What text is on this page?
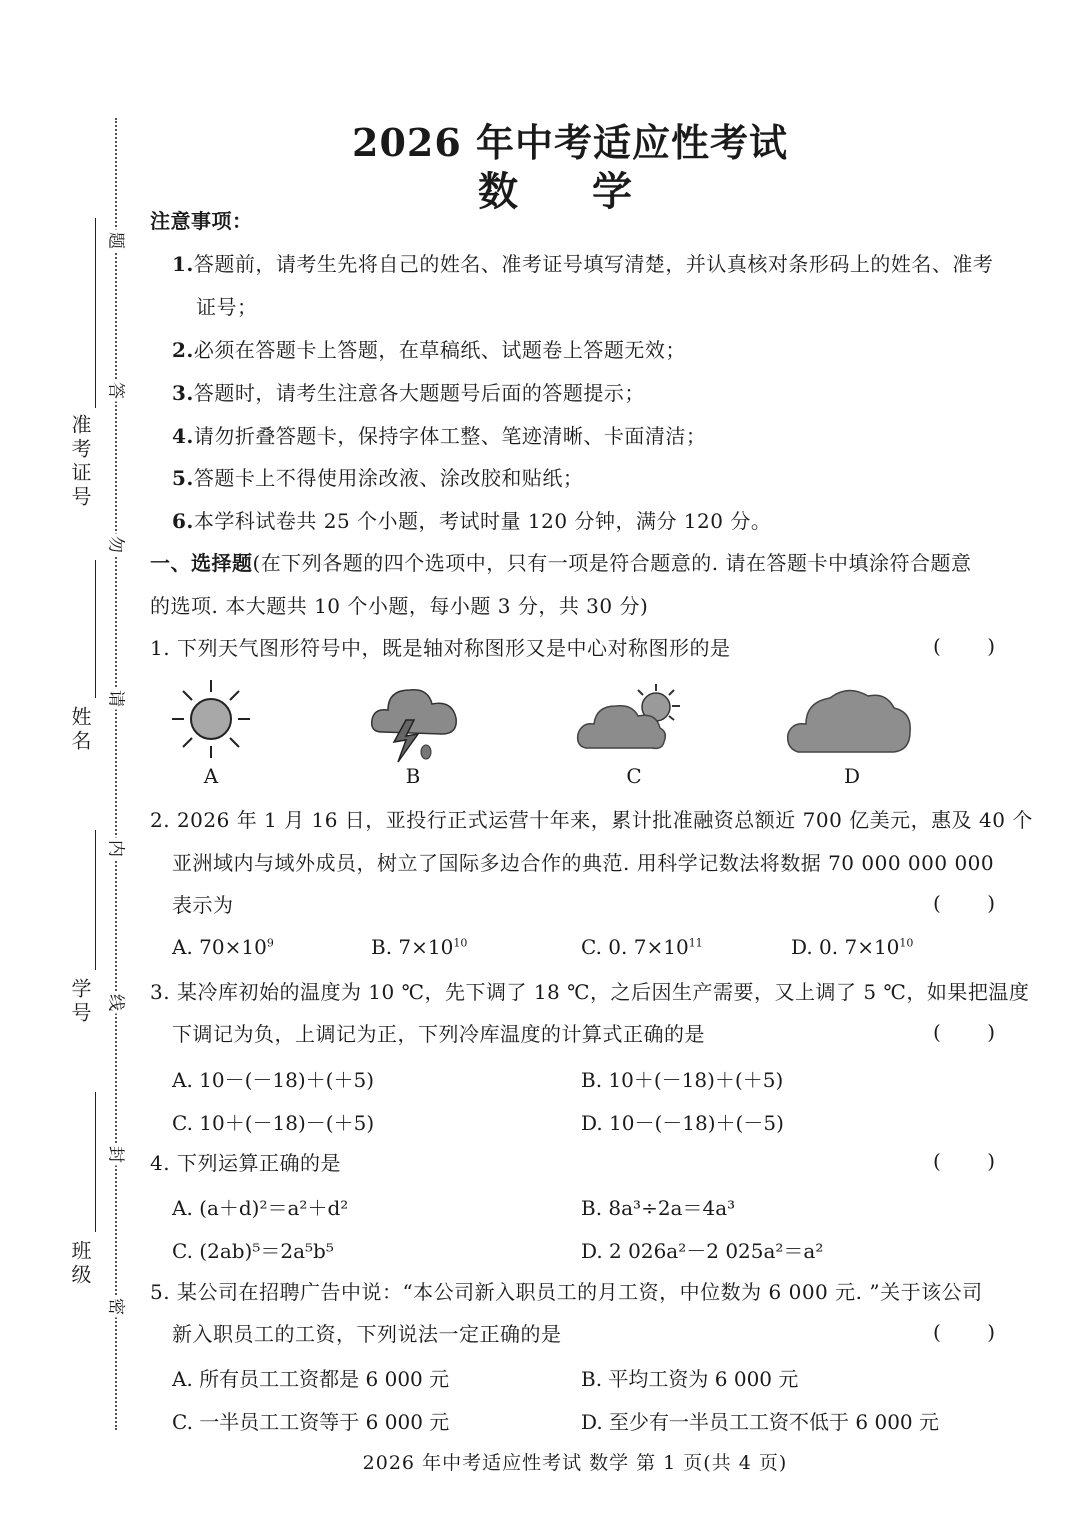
准考证号
姓名
学号
班级
题
答
勿
请
内
线
封
密
2026 年中考适应性考试
数 学
注意事项：
1.答题前，请考生先将自己的姓名、准考证号填写清楚，并认真核对条形码上的姓名、准考
证号；
2.必须在答题卡上答题，在草稿纸、试题卷上答题无效；
3.答题时，请考生注意各大题题号后面的答题提示；
4.请勿折叠答题卡，保持字体工整、笔迹清晰、卡面清洁；
5.答题卡上不得使用涂改液、涂改胶和贴纸；
6.本学科试卷共 25 个小题，考试时量 120 分钟，满分 120 分。
一、选择题(在下列各题的四个选项中，只有一项是符合题意的. 请在答题卡中填涂符合题意
的选项. 本大题共 10 个小题，每小题 3 分，共 30 分)
1. 下列天气图形符号中，既是轴对称图形又是中心对称图形的是	( )
A	B	C	D
2. 2026 年 1 月 16 日，亚投行正式运营十年来，累计批准融资总额近 700 亿美元，惠及 40 个
亚洲域内与域外成员，树立了国际多边合作的典范. 用科学记数法将数据 70 000 000 000
表示为	( )
A. $70\times 10^9$	B. $7\times 10^{10}$	C. 0. $7\times 10^{11}$	D. 0. $7\times 10^{10}$
3. 某冷库初始的温度为 10 ℃，先下调了 18 ℃，之后因生产需要，又上调了 5 ℃，如果把温度
下调记为负，上调记为正，下列冷库温度的计算式正确的是	( )
A. 10－(－18)＋(＋5)	B. 10＋(－18)＋(＋5)
C. 10＋(－18)－(＋5)	D. 10－(－18)＋(－5)
4. 下列运算正确的是	( )
A. (a＋d)²＝a²＋d²	B. 8a³÷2a＝4a³
C. (2ab)⁵＝2a⁵b⁵	D. 2 026a²－2 025a²＝a²
5. 某公司在招聘广告中说：“本公司新入职员工的月工资，中位数为 6 000 元. ”关于该公司
新入职员工的工资，下列说法一定正确的是	( )
A. 所有员工工资都是 6 000 元	B. 平均工资为 6 000 元
C. 一半员工工资等于 6 000 元	D. 至少有一半员工工资不低于 6 000 元
2026 年中考适应性考试 数学 第 1 页(共 4 页)
